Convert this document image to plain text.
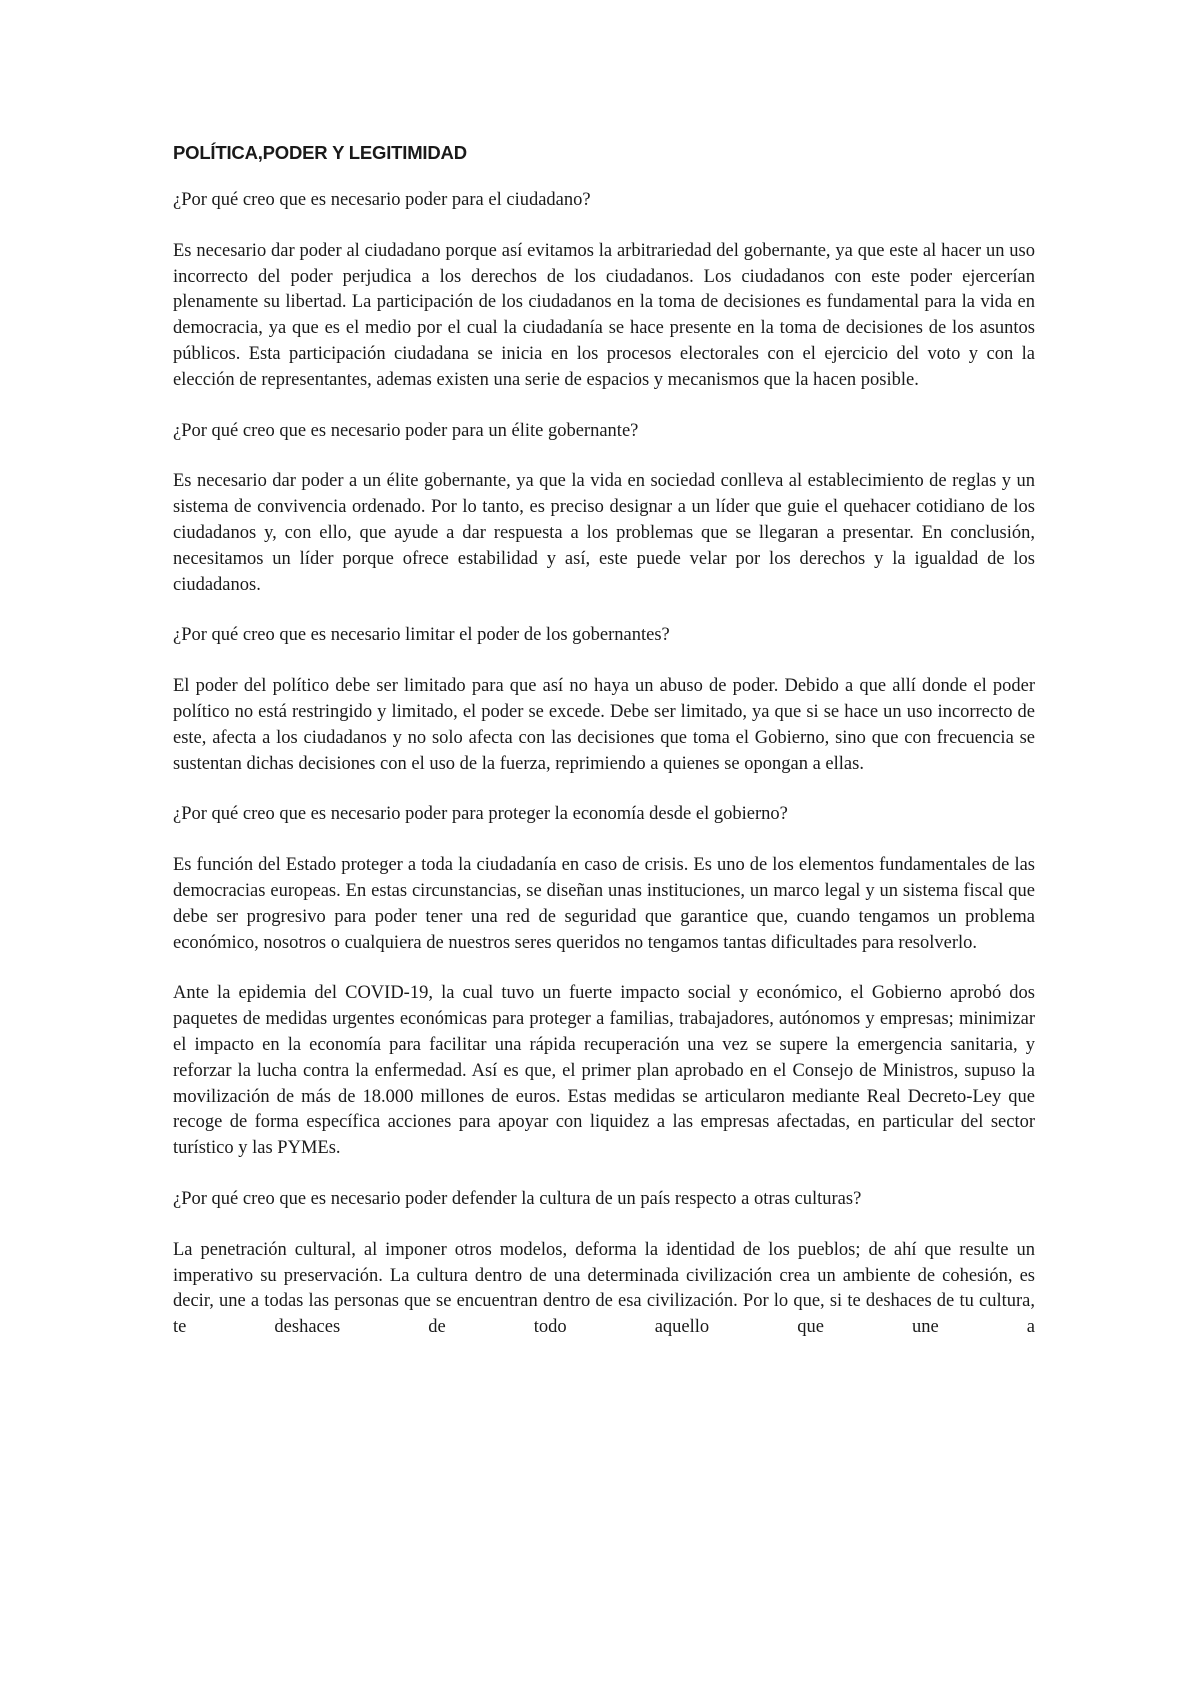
POLÍTICA,PODER Y LEGITIMIDAD

¿Por qué creo que es necesario poder para el ciudadano?

Es necesario dar poder al ciudadano porque así evitamos la arbitrariedad del gobernante, ya que este al hacer un uso incorrecto del poder perjudica a los derechos de los ciudadanos. Los ciudadanos con este poder ejercerían plenamente su libertad. La participación de los ciudadanos en la toma de decisiones es fundamental para la vida en democracia, ya que es el medio por el cual la ciudadanía se hace presente en la toma de decisiones de los asuntos públicos. Esta participación ciudadana se inicia en los procesos electorales con el ejercicio del voto y con la elección de representantes, ademas existen una serie de espacios y mecanismos que la hacen posible.

¿Por qué creo que es necesario poder para un élite gobernante?

Es necesario dar poder a un élite gobernante, ya que la vida en sociedad conlleva al establecimiento de reglas y un sistema de convivencia ordenado. Por lo tanto, es preciso designar a un líder que guie el quehacer cotidiano de los ciudadanos y, con ello, que ayude a dar respuesta a los problemas que se llegaran a presentar. En conclusión, necesitamos un líder porque ofrece estabilidad y así, este puede velar por los derechos y la igualdad de los ciudadanos.

¿Por qué creo que es necesario limitar el poder de los gobernantes?

El poder del político debe ser limitado para que así no haya un abuso de poder. Debido a que allí donde el poder político no está restringido y limitado, el poder se excede. Debe ser limitado, ya que si se hace un uso incorrecto de este, afecta a los ciudadanos y no solo afecta con las decisiones que toma el Gobierno, sino que con frecuencia se sustentan dichas decisiones con el uso de la fuerza, reprimiendo a quienes se opongan a ellas.

¿Por qué creo que es necesario poder para proteger la economía desde el gobierno?

Es función del Estado proteger a toda la ciudadanía en caso de crisis. Es uno de los elementos fundamentales de las democracias europeas. En estas circunstancias, se diseñan unas instituciones, un marco legal y un sistema fiscal que debe ser progresivo para poder tener una red de seguridad que garantice que, cuando tengamos un problema económico, nosotros o cualquiera de nuestros seres queridos no tengamos tantas dificultades para resolverlo.

Ante la epidemia del COVID-19, la cual tuvo un fuerte impacto social y económico, el Gobierno aprobó dos paquetes de medidas urgentes económicas para proteger a familias, trabajadores, autónomos y empresas; minimizar el impacto en la economía para facilitar una rápida recuperación una vez se supere la emergencia sanitaria, y reforzar la lucha contra la enfermedad. Así es que, el primer plan aprobado en el Consejo de Ministros, supuso la movilización de más de 18.000 millones de euros. Estas medidas se articularon mediante Real Decreto-Ley que recoge de forma específica acciones para apoyar con liquidez a las empresas afectadas, en particular del sector turístico y las PYMEs.

¿Por qué creo que es necesario poder defender la cultura de un país respecto a otras culturas?

La penetración cultural, al imponer otros modelos, deforma la identidad de los pueblos; de ahí que resulte un imperativo su preservación. La cultura dentro de una determinada civilización crea un ambiente de cohesión, es decir, une a todas las personas que se encuentran dentro de esa civilización. Por lo que, si te deshaces de tu cultura, te deshaces de todo aquello que une a
